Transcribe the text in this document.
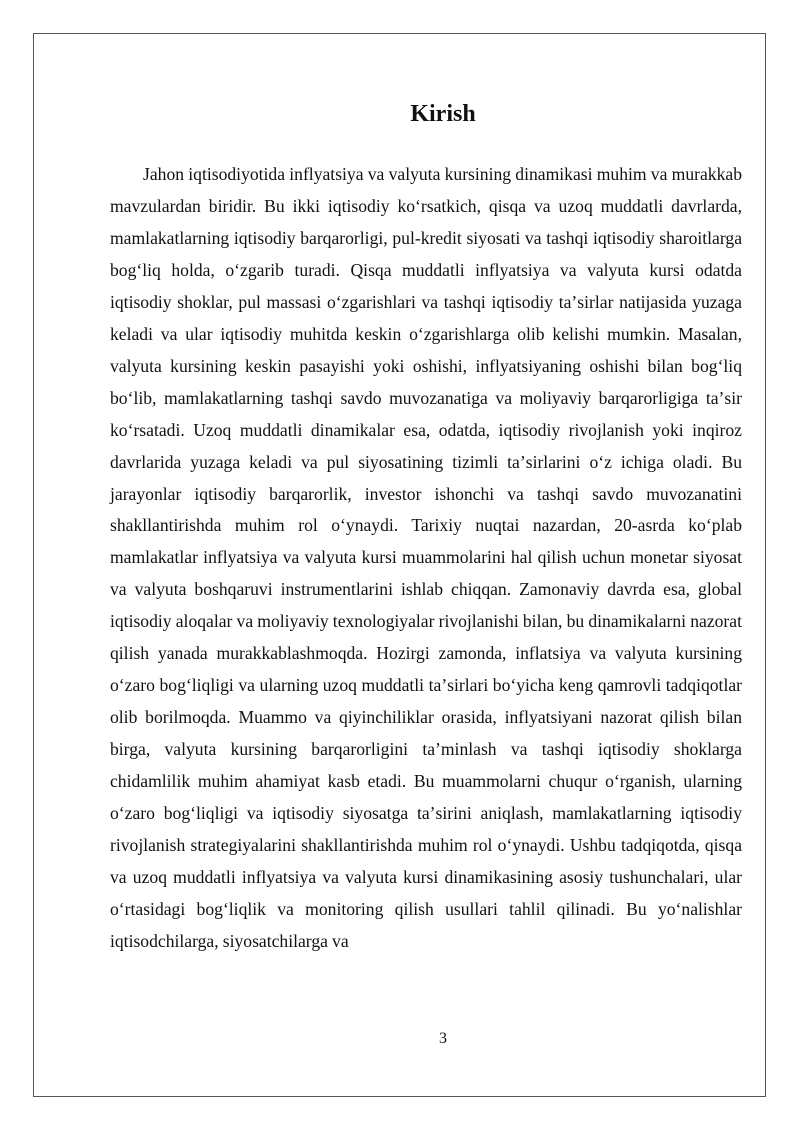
Kirish

Jahon iqtisodiyotida inflyatsiya va valyuta kursining dinamikasi muhim va murakkab mavzulardan biridir. Bu ikki iqtisodiy koʻrsatkich, qisqa va uzoq muddatli davrlarda, mamlakatlarning iqtisodiy barqarorligi, pul-kredit siyosati va tashqi iqtisodiy sharoitlarga bogʻliq holda, oʻzgarib turadi. Qisqa muddatli inflyatsiya va valyuta kursi odatda iqtisodiy shoklar, pul massasi oʻzgarishlari va tashqi iqtisodiy taʼsirlar natijasida yuzaga keladi va ular iqtisodiy muhitda keskin oʻzgarishlarga olib kelishi mumkin. Masalan, valyuta kursining keskin pasayishi yoki oshishi, inflyatsiyaning oshishi bilan bogʻliq boʻlib, mamlakatlarning tashqi savdo muvozanatiga va moliyaviy barqarorligiga taʼsir koʻrsatadi. Uzoq muddatli dinamikalar esa, odatda, iqtisodiy rivojlanish yoki inqiroz davrlarida yuzaga keladi va pul siyosatining tizimli taʼsirlarini oʻz ichiga oladi. Bu jarayonlar iqtisodiy barqarorlik, investor ishonchi va tashqi savdo muvozanatini shakllantirishda muhim rol oʻynaydi. Tarixiy nuqtai nazardan, 20-asrda koʻplab mamlakatlar inflyatsiya va valyuta kursi muammolarini hal qilish uchun monetar siyosat va valyuta boshqaruvi instrumentlarini ishlab chiqqan. Zamonaviy davrda esa, global iqtisodiy aloqalar va moliyaviy texnologiyalar rivojlanishi bilan, bu dinamikalarni nazorat qilish yanada murakkablashmoqda. Hozirgi zamonda, inflatsiya va valyuta kursining oʻzaro bogʻliqligi va ularning uzoq muddatli taʼsirlari boʻyicha keng qamrovli tadqiqotlar olib borilmoqda. Muammo va qiyinchiliklar orasida, inflyatsiyani nazorat qilish bilan birga, valyuta kursining barqarorligini taʼminlash va tashqi iqtisodiy shoklarga chidamlilik muhim ahamiyat kasb etadi. Bu muammolarni chuqur oʻrganish, ularning oʻzaro bogʻliqligi va iqtisodiy siyosatga taʼsirini aniqlash, mamlakatlarning iqtisodiy rivojlanish strategiyalarini shakllantirishda muhim rol oʻynaydi. Ushbu tadqiqotda, qisqa va uzoq muddatli inflyatsiya va valyuta kursi dinamikasining asosiy tushunchalari, ular oʻrtasidagi bogʻliqlik va monitoring qilish usullari tahlil qilinadi. Bu yoʻnalishlar iqtisodchilarga, siyosatchilarga va

3
